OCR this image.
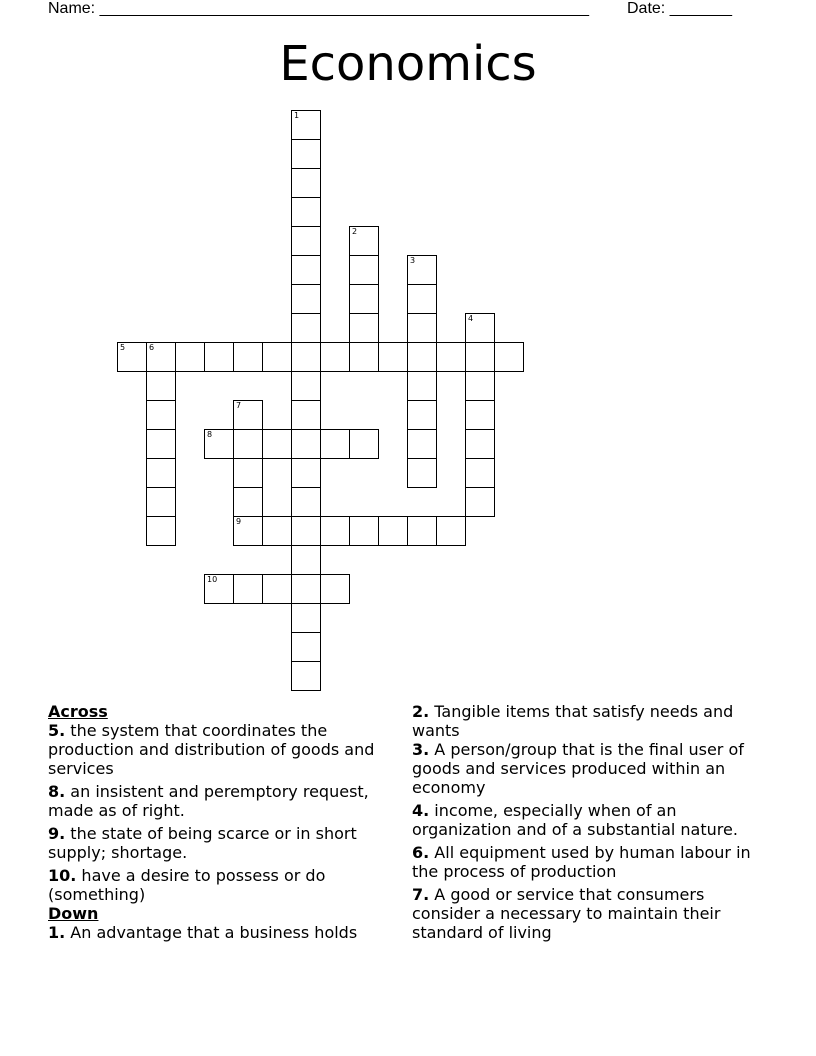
Name: _______________________________________________________ Date: _______
Economics
1
2
3
4
5	6
7
9
8
10
Across
5. the system that coordinates the production and distribution of goods and services
8. an insistent and peremptory request, made as of right.
9. the state of being scarce or in short supply; shortage.
10. have a desire to possess or do (something)
Down
1. An advantage that a business holds
2. Tangible items that satisfy needs and wants
3. A person/group that is the final user of goods and services produced within an economy
4. income, especially when of an organization and of a substantial nature.
6. All equipment used by human labour in the process of production
7. A good or service that consumers consider a necessary to maintain their standard of living
